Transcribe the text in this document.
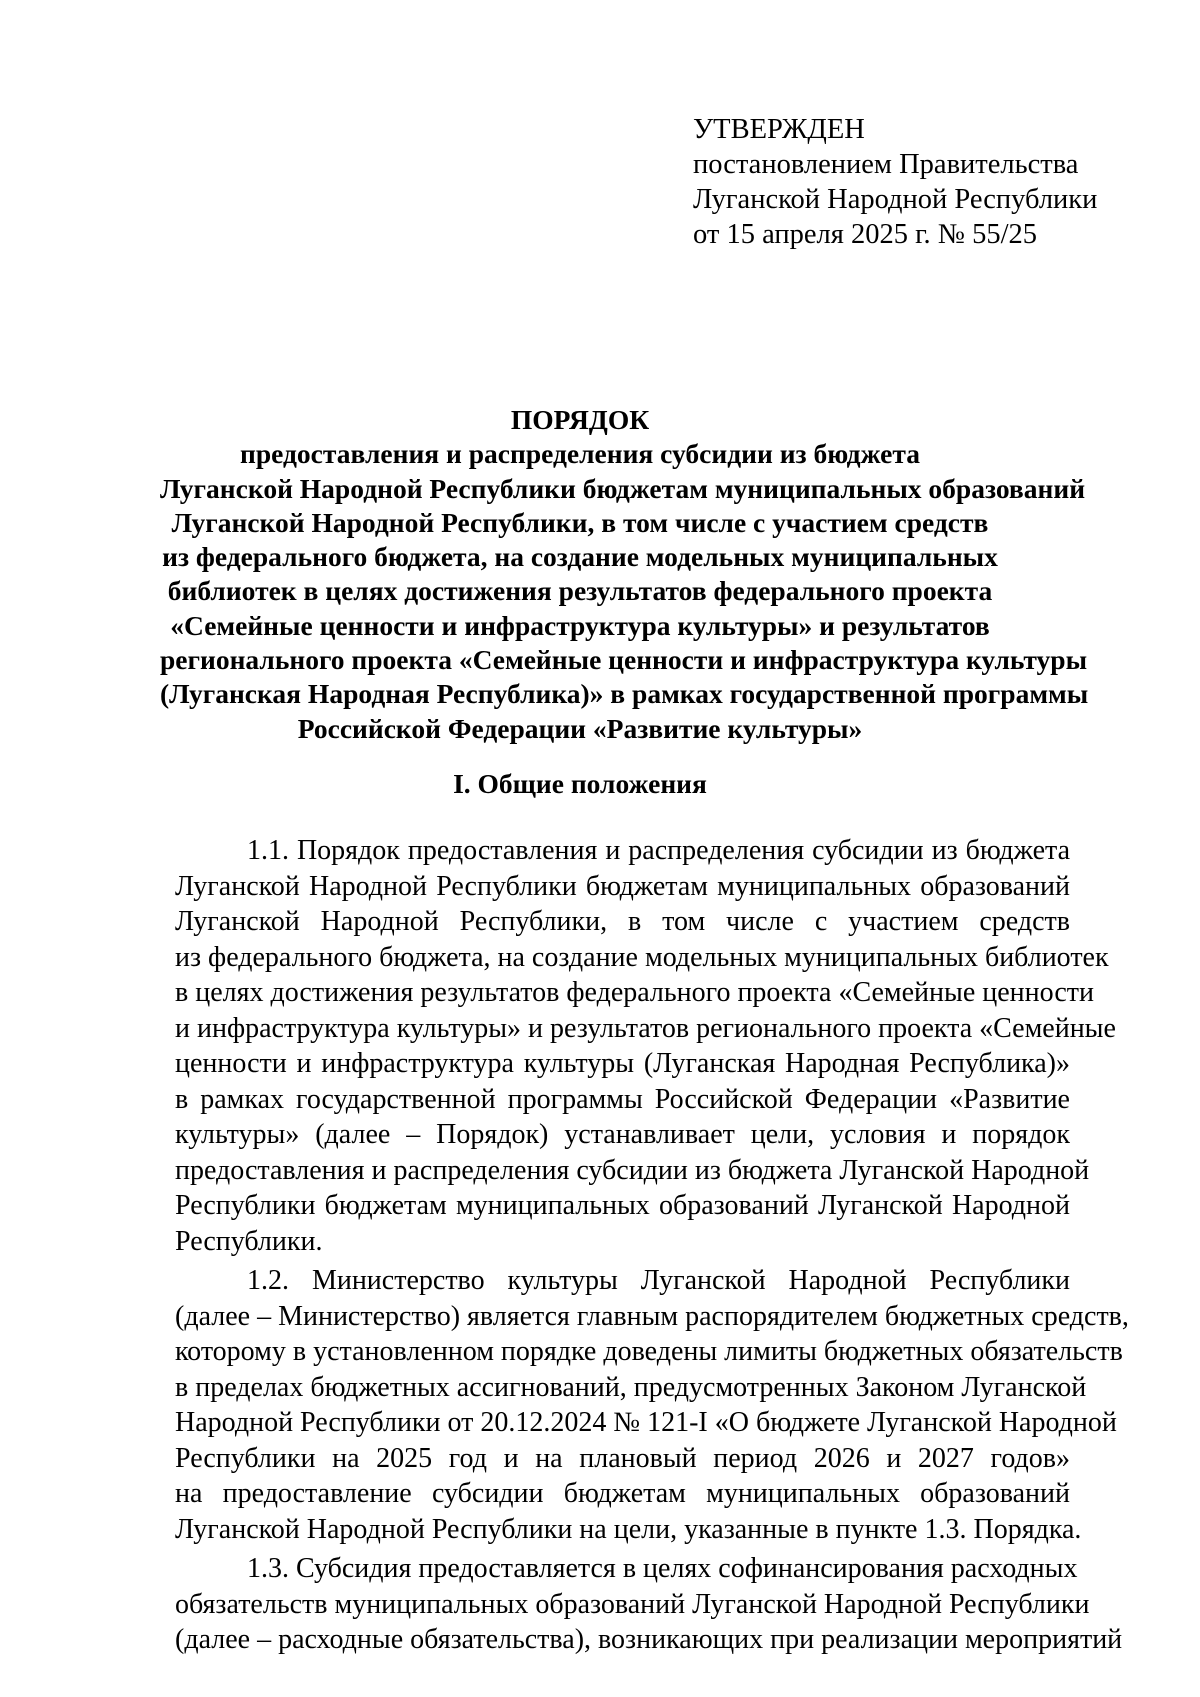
УТВЕРЖДЕН
постановлением Правительства
Луганской Народной Республики
от 15 апреля 2025 г. № 55/25
ПОРЯДОК
предоставления и распределения субсидии из бюджета
Луганской Народной Республики бюджетам муниципальных образований
Луганской Народной Республики, в том числе с участием средств
из федерального бюджета, на создание модельных муниципальных
библиотек в целях достижения результатов федерального проекта
«Семейные ценности и инфраструктура культуры» и результатов
регионального проекта «Семейные ценности и инфраструктура культуры
(Луганская Народная Республика)» в рамках государственной программы
Российской Федерации «Развитие культуры»
I. Общие положения
1.1. Порядок предоставления и распределения субсидии из бюджета
Луганской Народной Республики бюджетам муниципальных образований
Луганской Народной Республики, в том числе с участием средств
из федерального бюджета, на создание модельных муниципальных библиотек
в целях достижения результатов федерального проекта «Семейные ценности
и инфраструктура культуры» и результатов регионального проекта «Семейные
ценности и инфраструктура культуры (Луганская Народная Республика)»
в рамках государственной программы Российской Федерации «Развитие
культуры» (далее – Порядок) устанавливает цели, условия и порядок
предоставления и распределения субсидии из бюджета Луганской Народной
Республики бюджетам муниципальных образований Луганской Народной
Республики.
1.2. Министерство культуры Луганской Народной Республики
(далее – Министерство) является главным распорядителем бюджетных средств,
которому в установленном порядке доведены лимиты бюджетных обязательств
в пределах бюджетных ассигнований, предусмотренных Законом Луганской
Народной Республики от 20.12.2024 № 121-I «О бюджете Луганской Народной
Республики на 2025 год и на плановый период 2026 и 2027 годов»
на предоставление субсидии бюджетам муниципальных образований
Луганской Народной Республики на цели, указанные в пункте 1.3. Порядка.
1.3. Субсидия предоставляется в целях софинансирования расходных
обязательств муниципальных образований Луганской Народной Республики
(далее – расходные обязательства), возникающих при реализации мероприятий
